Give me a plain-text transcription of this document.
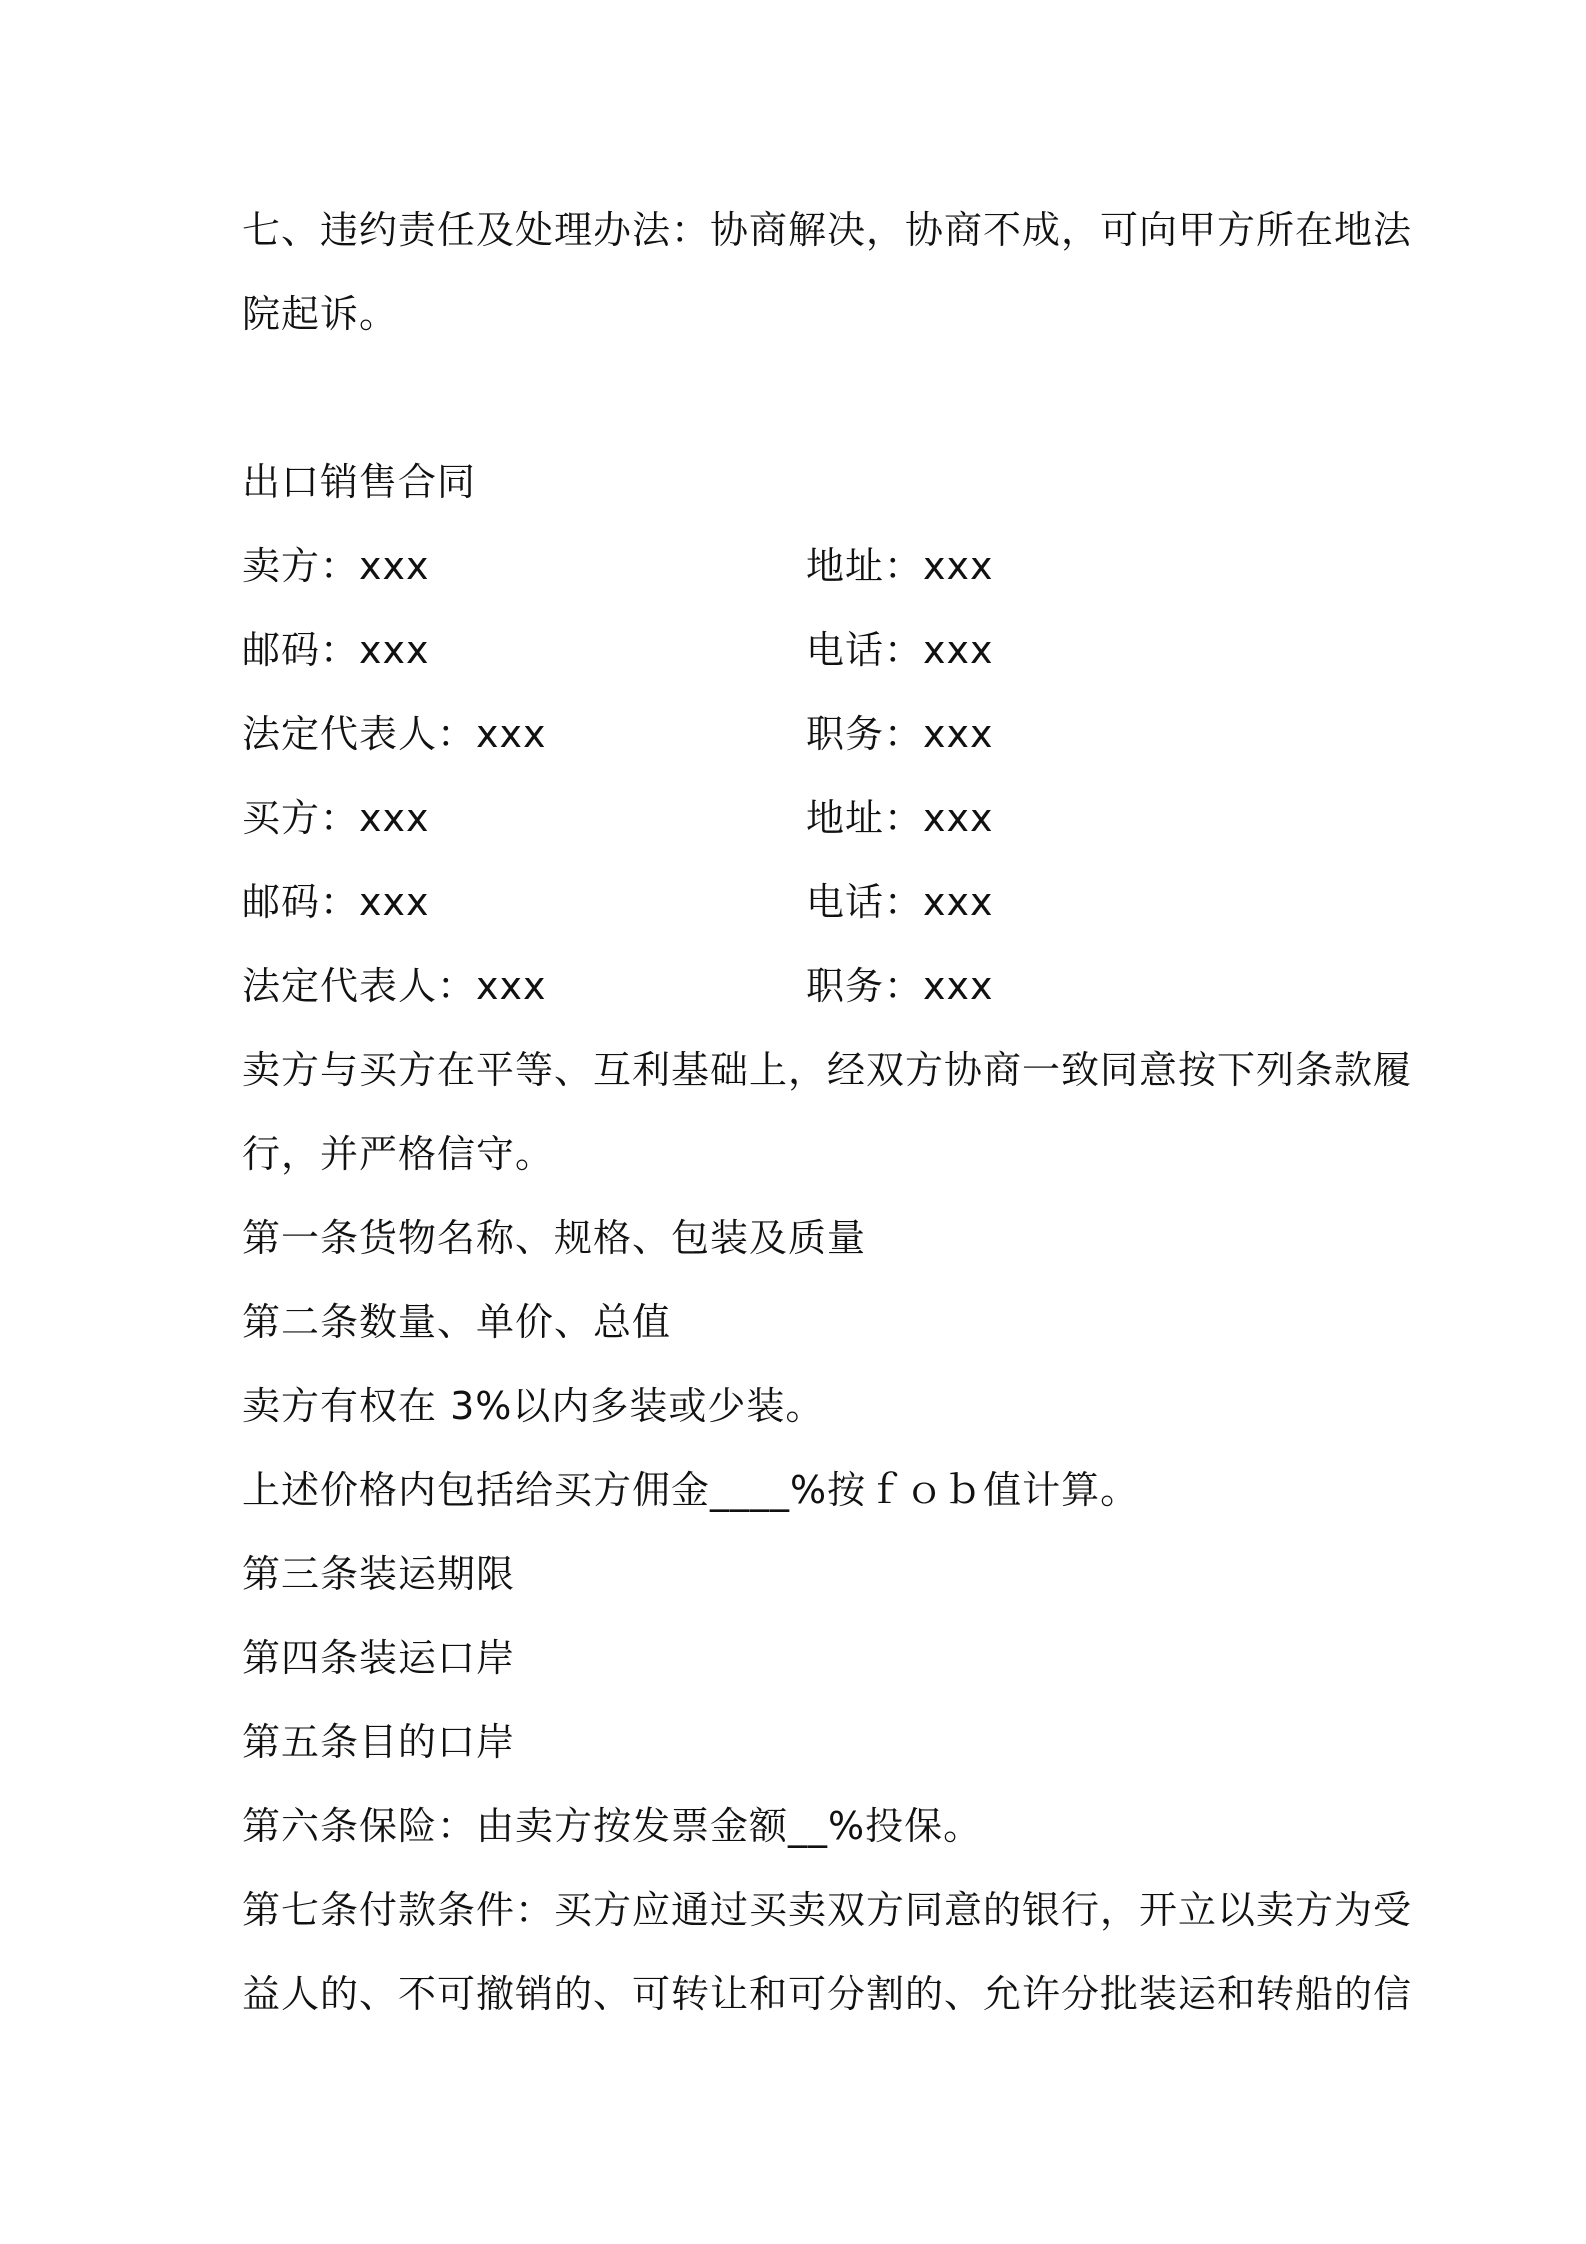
七、违约责任及处理办法：协商解决，协商不成，可向甲方所在地法
院起诉。
出口销售合同
卖方：xxx	地址：xxx
邮码：xxx	电话：xxx
法定代表人：xxx	职务：xxx
买方：xxx	地址：xxx
邮码：xxx	电话：xxx
法定代表人：xxx	职务：xxx
卖方与买方在平等、互利基础上，经双方协商一致同意按下列条款履
行，并严格信守。
第一条货物名称、规格、包装及质量
第二条数量、单价、总值
卖方有权在 3%以内多装或少装。
上述价格内包括给买方佣金____%按ｆｏｂ值计算。
第三条装运期限
第四条装运口岸
第五条目的口岸
第六条保险：由卖方按发票金额__%投保。
第七条付款条件：买方应通过买卖双方同意的银行，开立以卖方为受
益人的、不可撤销的、可转让和可分割的、允许分批装运和转船的信
